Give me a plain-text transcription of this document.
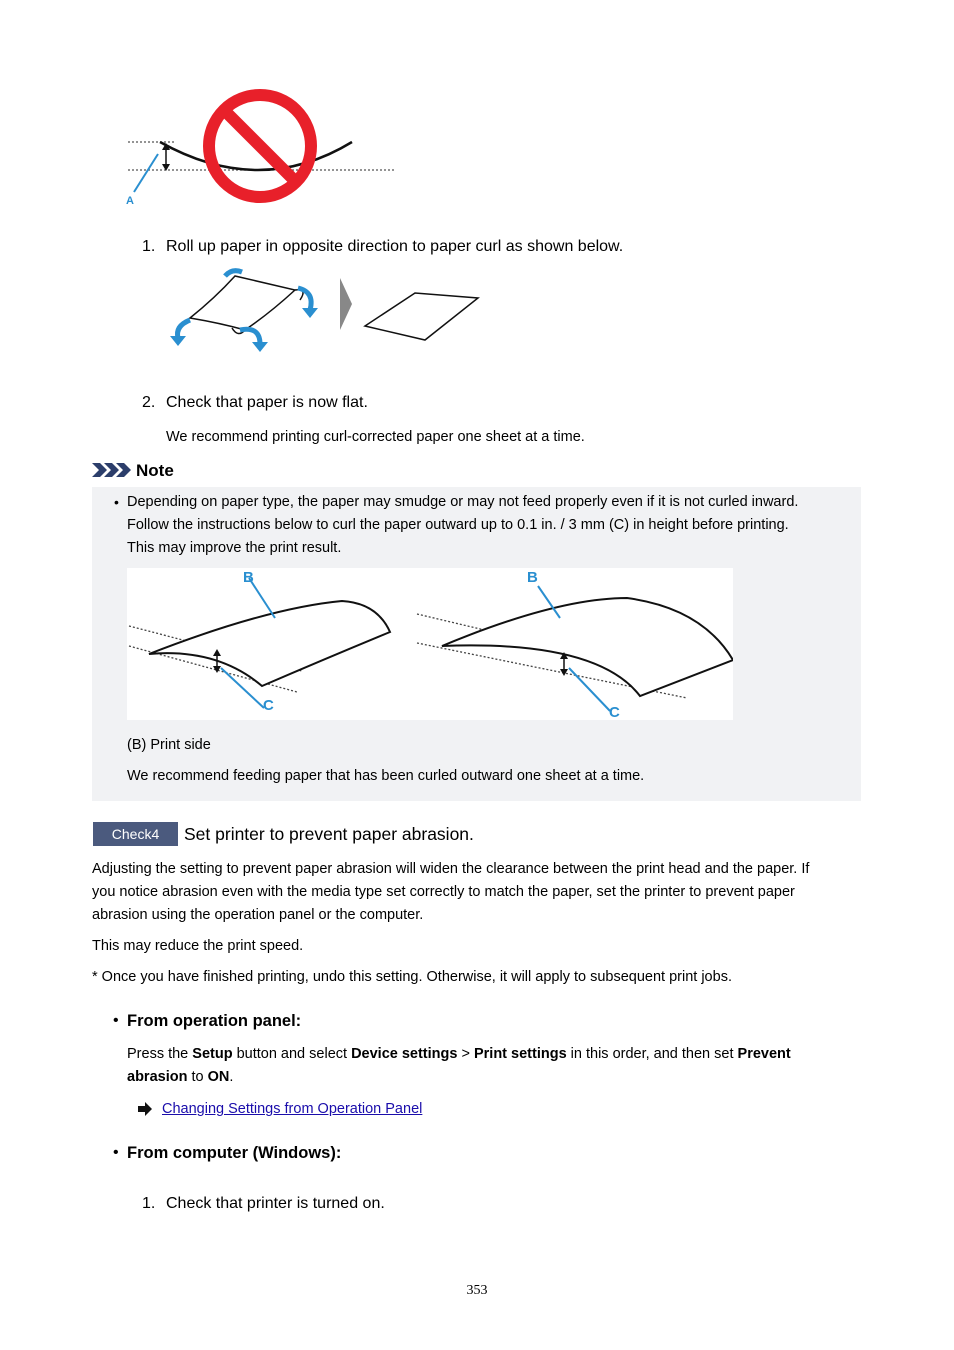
A
1. Roll up paper in opposite direction to paper curl as shown below.
2. Check that paper is now flat.
We recommend printing curl-corrected paper one sheet at a time.
Note
• Depending on paper type, the paper may smudge or may not feed properly even if it is not curled inward.
Follow the instructions below to curl the paper outward up to 0.1 in. / 3 mm (C) in height before printing.
This may improve the print result.
B
C
B
C
(B) Print side
We recommend feeding paper that has been curled outward one sheet at a time.
Check4	Set printer to prevent paper abrasion.
Adjusting the setting to prevent paper abrasion will widen the clearance between the print head and the paper. If
you notice abrasion even with the media type set correctly to match the paper, set the printer to prevent paper
abrasion using the operation panel or the computer.
This may reduce the print speed.
* Once you have finished printing, undo this setting. Otherwise, it will apply to subsequent print jobs.
• From operation panel:
Press the Setup button and select Device settings > Print settings in this order, and then set Prevent
abrasion to ON.
Changing Settings from Operation Panel
• From computer (Windows):
1. Check that printer is turned on.
353
